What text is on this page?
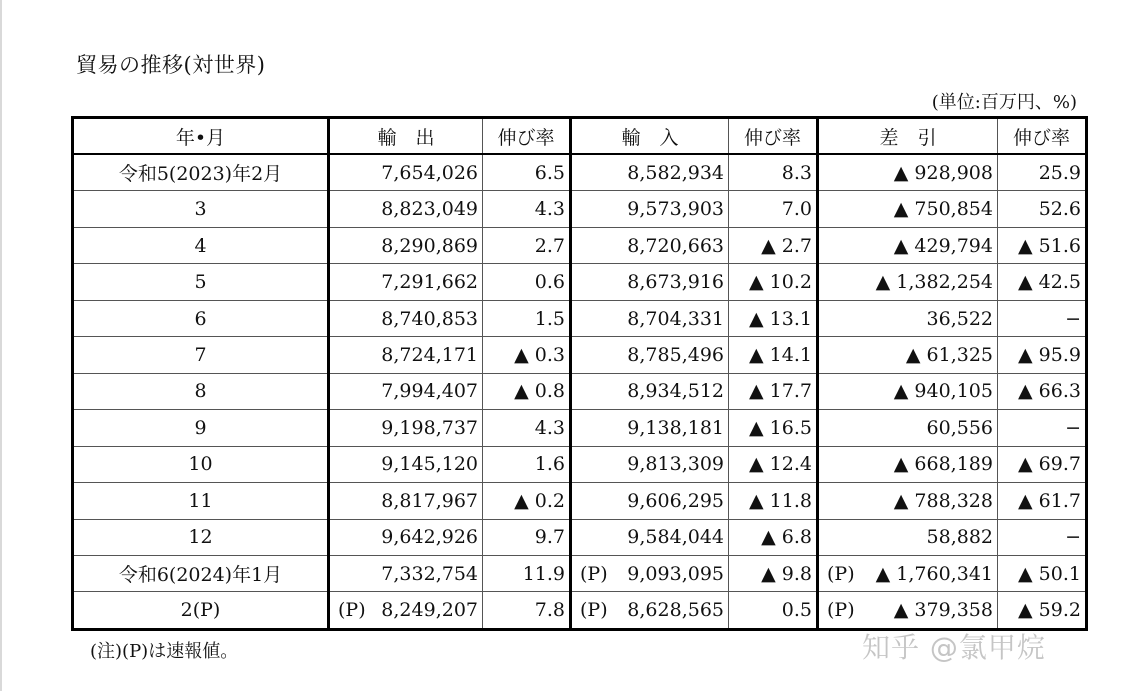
貿易の推移(対世界)
(単位:百万円、%)
年•月	輸　出	伸び率	輸　入	伸び率	差　引	伸び率
令和5(2023)年2月	7,654,026	6.5	8,582,934	8.3	▲ 928,908	25.9
3	8,823,049	4.3	9,573,903	7.0	▲ 750,854	52.6
4	8,290,869	2.7	8,720,663	▲ 2.7	▲ 429,794	▲ 51.6
5	7,291,662	0.6	8,673,916	▲ 10.2	▲ 1,382,254	▲ 42.5
6	8,740,853	1.5	8,704,331	▲ 13.1	36,522	−
7	8,724,171	▲ 0.3	8,785,496	▲ 14.1	▲ 61,325	▲ 95.9
8	7,994,407	▲ 0.8	8,934,512	▲ 17.7	▲ 940,105	▲ 66.3
9	9,198,737	4.3	9,138,181	▲ 16.5	60,556	−
10	9,145,120	1.6	9,813,309	▲ 12.4	▲ 668,189	▲ 69.7
11	8,817,967	▲ 0.2	9,606,295	▲ 11.8	▲ 788,328	▲ 61.7
12	9,642,926	9.7	9,584,044	▲ 6.8	58,882	−
令和6(2024)年1月	7,332,754	11.9	(P) 9,093,095	▲ 9.8	(P) ▲ 1,760,341	▲ 50.1
2(P)	(P) 8,249,207	7.8	(P) 8,628,565	0.5	(P) ▲ 379,358	▲ 59.2
(注)(P)は速報値。	知乎 @氯甲烷
